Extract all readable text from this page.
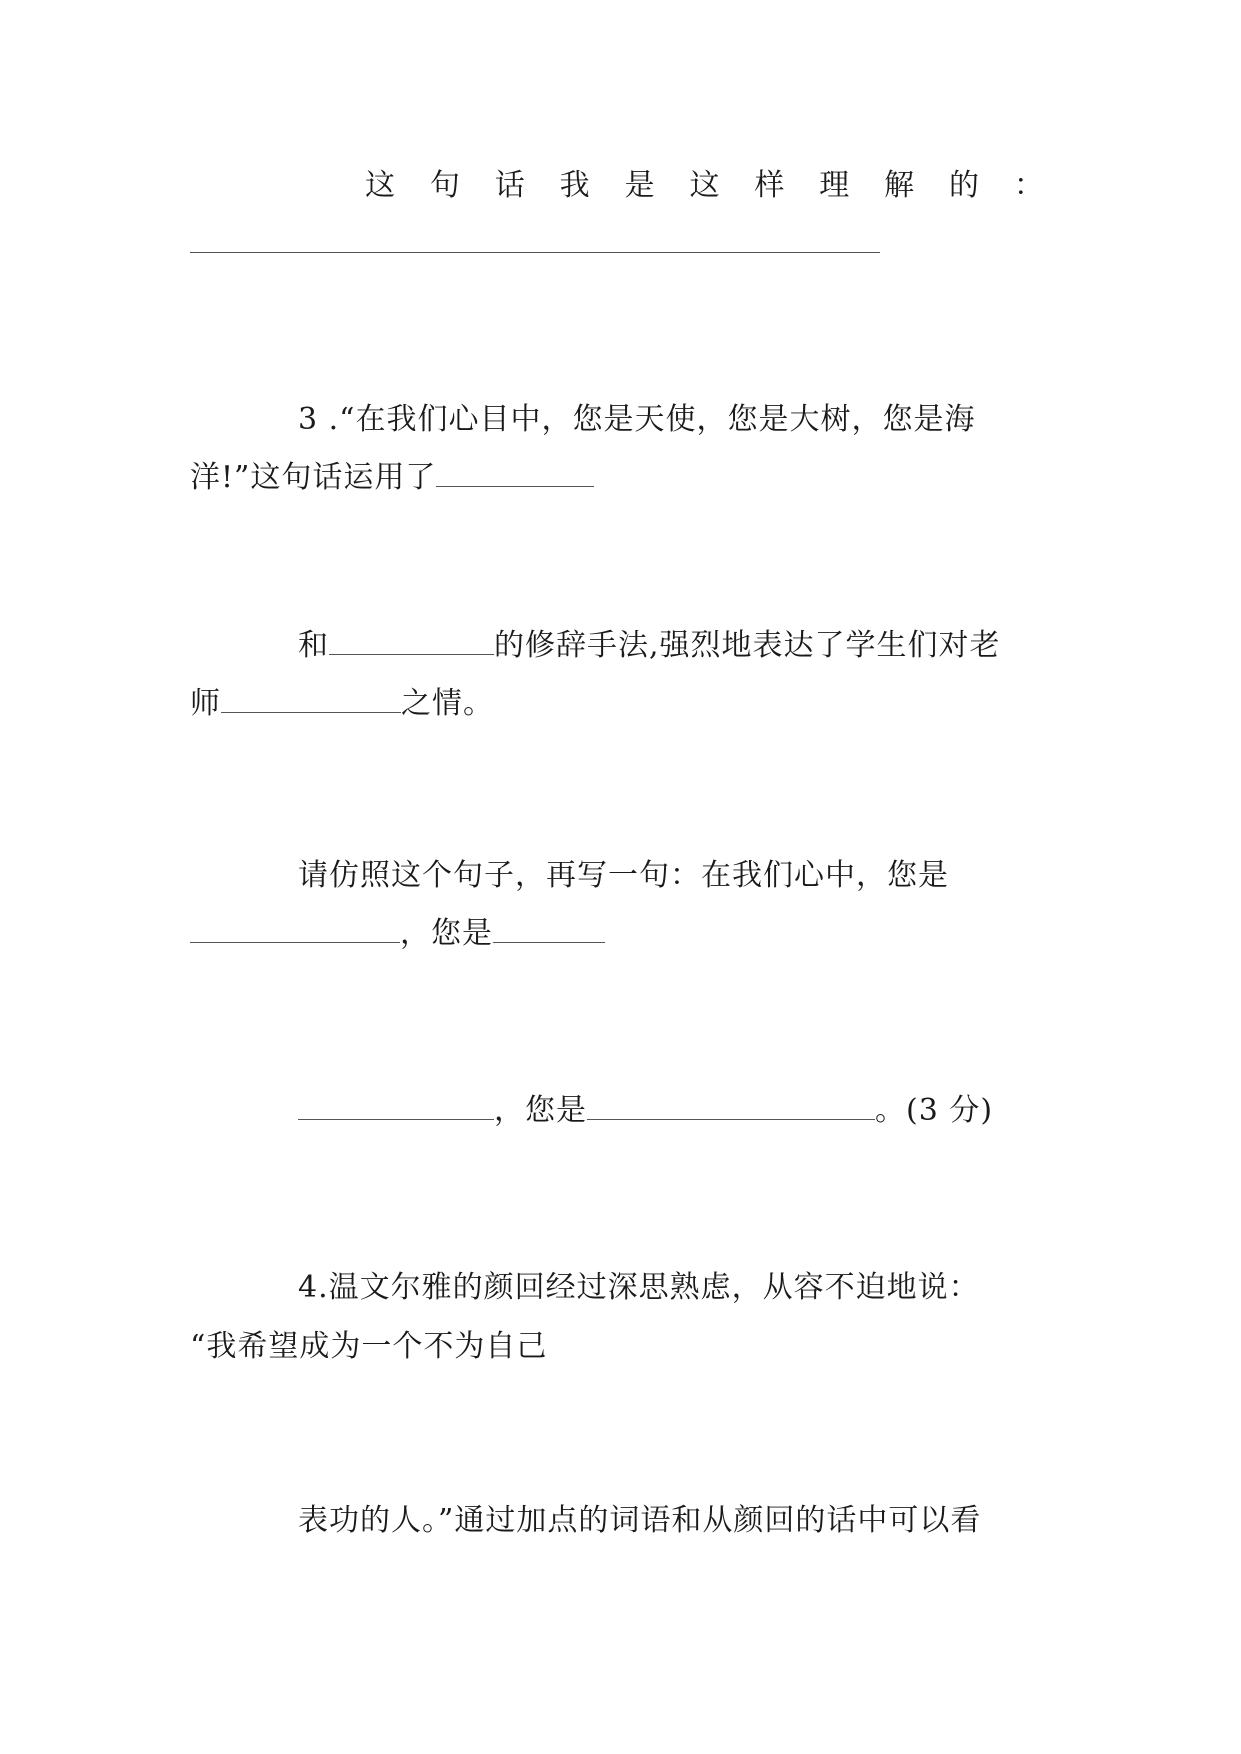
这 句 话 我 是 这 样 理 解 的 ：
3 .“在我们心目中，您是天使，您是大树，您是海
洋!”这句话运用了
和	的修辞手法,强烈地表达了学生们对老
师	之情。
请仿照这个句子，再写一句：在我们心中，您是
，您是
，您是	。(3 分)
4.温文尔雅的颜回经过深思熟虑，从容不迫地说：
“我希望成为一个不为自己
表功的人。”通过加点的词语和从颜回的话中可以看
